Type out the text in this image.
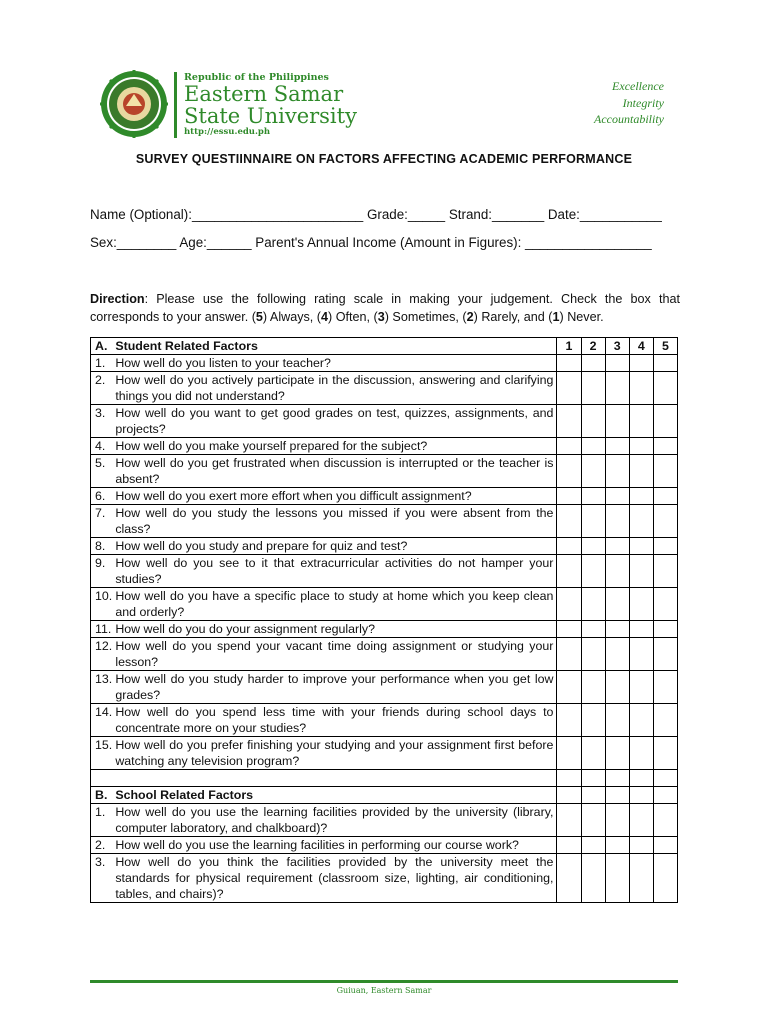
Republic of the Philippines
Eastern Samar
State University
http://essu.edu.ph
Excellence
Integrity
Accountability
SURVEY QUESTIINNAIRE ON FACTORS AFFECTING ACADEMIC PERFORMANCE
Name (Optional):_______________________ Grade:_____ Strand:_______ Date:___________
Sex:________ Age:______ Parent's Annual Income (Amount in Figures): _________________
Direction: Please use the following rating scale in making your judgement. Check the box that corresponds to your answer. (5) Always, (4) Often, (3) Sometimes, (2) Rarely, and (1) Never.
A.	Student Related Factors	1	2	3	4	5
1.	How well do you listen to your teacher?					
2.	How well do you actively participate in the discussion, answering and clarifying things you did not understand?					
3.	How well do you want to get good grades on test, quizzes, assignments, and projects?					
4.	How well do you make yourself prepared for the subject?					
5.	How well do you get frustrated when discussion is interrupted or the teacher is absent?					
6.	How well do you exert more effort when you difficult assignment?					
7.	How well do you study the lessons you missed if you were absent from the class?					
8.	How well do you study and prepare for quiz and test?					
9.	How well do you see to it that extracurricular activities do not hamper your studies?					
10.	How well do you have a specific place to study at home which you keep clean and orderly?					
11.	How well do you do your assignment regularly?					
12.	How well do you spend your vacant time doing assignment or studying your lesson?					
13.	How well do you study harder to improve your performance when you get low grades?					
14.	How well do you spend less time with your friends during school days to concentrate more on your studies?					
15.	How well do you prefer finishing your studying and your assignment first before watching any television program?					

B.	School Related Factors					
1.	How well do you use the learning facilities provided by the university (library, computer laboratory, and chalkboard)?					
2.	How well do you use the learning facilities in performing our course work?					
3.	How well do you think the facilities provided by the university meet the standards for physical requirement (classroom size, lighting, air conditioning, tables, and chairs)?					
Guiuan, Eastern Samar
